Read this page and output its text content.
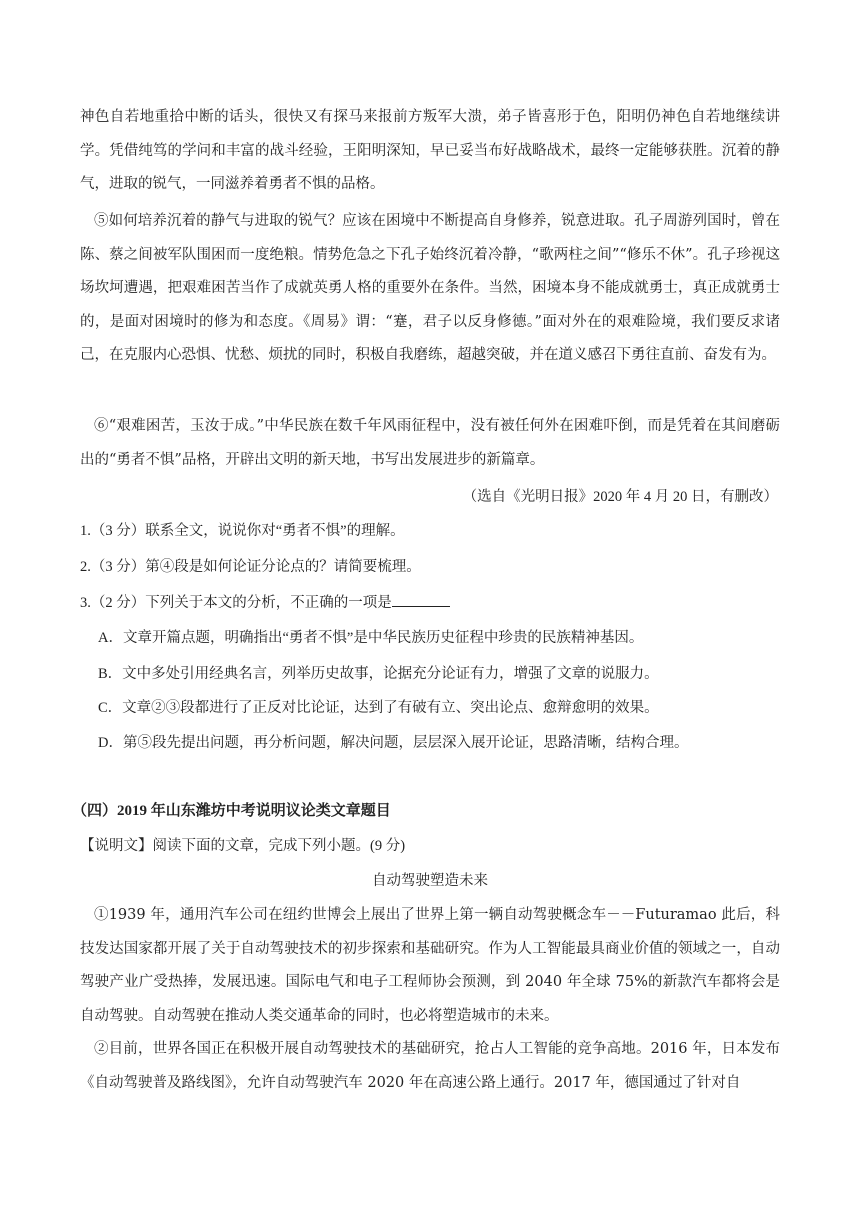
神色自若地重拾中断的话头，很快又有探马来报前方叛军大溃，弟子皆喜形于色，阳明仍神色自若地继续讲学。凭借纯笃的学问和丰富的战斗经验，王阳明深知，早已妥当布好战略战术，最终一定能够获胜。沉着的静气，进取的锐气，一同滋养着勇者不惧的品格。
⑤如何培养沉着的静气与进取的锐气？应该在困境中不断提高自身修养，锐意进取。孔子周游列国时，曾在陈、蔡之间被军队围困而一度绝粮。情势危急之下孔子始终沉着冷静，“歌两柱之间”“修乐不休”。孔子珍视这场坎坷遭遇，把艰难困苦当作了成就英勇人格的重要外在条件。当然，困境本身不能成就勇士，真正成就勇士的，是面对困境时的修为和态度。《周易》谓：“蹇，君子以反身修德。”面对外在的艰难险境，我们要反求诸己，在克服内心恐惧、忧愁、烦扰的同时，积极自我磨练，超越突破，并在道义感召下勇往直前、奋发有为。
⑥“艰难困苦，玉汝于成。”中华民族在数千年风雨征程中，没有被任何外在困难吓倒，而是凭着在其间磨砺出的“勇者不惧”品格，开辟出文明的新天地，书写出发展进步的新篇章。
（选自《光明日报》2020 年 4 月 20 日，有删改）
1.（3 分）联系全文，说说你对“勇者不惧”的理解。
2.（3 分）第④段是如何论证分论点的？请简要梳理。
3.（2 分）下列关于本文的分析，不正确的一项是
A．文章开篇点题，明确指出“勇者不惧”是中华民族历史征程中珍贵的民族精神基因。
B．文中多处引用经典名言，列举历史故事，论据充分论证有力，增强了文章的说服力。
C．文章②③段都进行了正反对比论证，达到了有破有立、突出论点、愈辩愈明的效果。
D．第⑤段先提出问题，再分析问题，解决问题，层层深入展开论证，思路清晰，结构合理。
（四）2019 年山东潍坊中考说明议论类文章题目
【说明文】阅读下面的文章，完成下列小题。(9 分)
自动驾驶塑造未来
①1939 年，通用汽车公司在纽约世博会上展出了世界上第一辆自动驾驶概念车－－Futuramao 此后，科技发达国家都开展了关于自动驾驶技术的初步探索和基础研究。作为人工智能最具商业价值的领域之一，自动驾驶产业广受热捧，发展迅速。国际电气和电子工程师协会预测，到 2040 年全球 75%的新款汽车都将会是自动驾驶。自动驾驶在推动人类交通革命的同时，也必将塑造城市的未来。
②目前，世界各国正在积极开展自动驾驶技术的基础研究，抢占人工智能的竞争高地。2016 年，日本发布《自动驾驶普及路线图》，允许自动驾驶汽车 2020 年在高速公路上通行。2017 年，德国通过了针对自
